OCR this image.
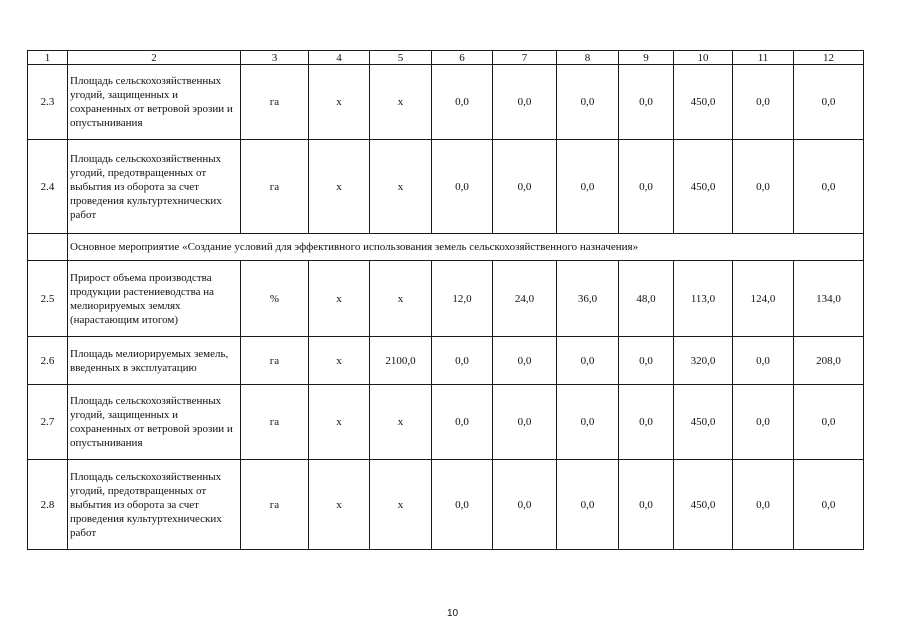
1	2	3	4	5	6	7	8	9	10	11	12
2.3	Площадь сельскохозяйственных угодий, защищенных и сохраненных от ветровой эрозии и опустынивания	га	х	х	0,0	0,0	0,0	0,0	450,0	0,0	0,0
2.4	Площадь сельскохозяйственных угодий, предотвращенных от выбытия из оборота за счет проведения культуртехнических работ	га	х	х	0,0	0,0	0,0	0,0	450,0	0,0	0,0
	Основное мероприятие «Создание условий для эффективного использования земель сельскохозяйственного назначения»										
2.5	Прирост объема производства продукции растениеводства на мелиорируемых землях (нарастающим итогом)	%	х	х	12,0	24,0	36,0	48,0	113,0	124,0	134,0
2.6	Площадь мелиорируемых земель, введенных в эксплуатацию	га	х	2100,0	0,0	0,0	0,0	0,0	320,0	0,0	208,0
2.7	Площадь сельскохозяйственных угодий, защищенных и сохраненных от ветровой эрозии и опустынивания	га	х	х	0,0	0,0	0,0	0,0	450,0	0,0	0,0
2.8	Площадь сельскохозяйственных угодий, предотвращенных от выбытия из оборота за счет проведения культуртехнических работ	га	х	х	0,0	0,0	0,0	0,0	450,0	0,0	0,0
10
